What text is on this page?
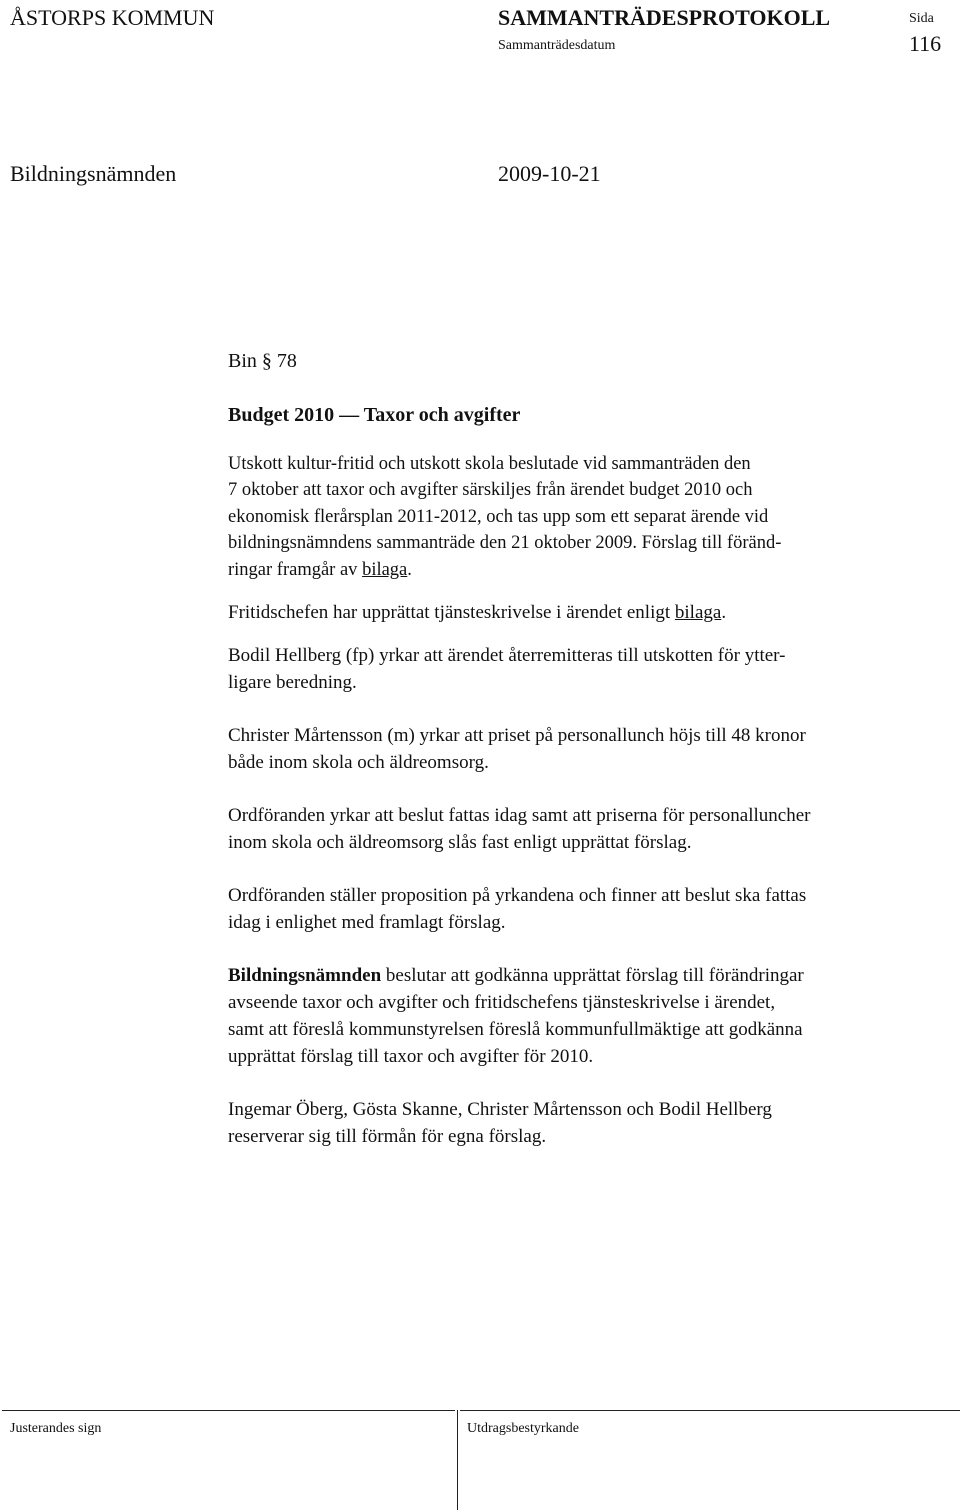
ÅSTORPS KOMMUN	SAMMANTRÄDESPROTOKOLL	Sida
Sammanträdesdatum	116
Bildningsnämnden	2009-10-21
Bin § 78
Budget 2010 — Taxor och avgifter
Utskott kultur-fritid och utskott skola beslutade vid sammanträden den
7 oktober att taxor och avgifter särskiljes från ärendet budget 2010 och
ekonomisk flerårsplan 2011-2012, och tas upp som ett separat ärende vid
bildningsnämndens sammanträde den 21 oktober 2009. Förslag till föränd-
ringar framgår av bilaga.
Fritidschefen har upprättat tjänsteskrivelse i ärendet enligt bilaga.
Bodil Hellberg (fp) yrkar att ärendet återremitteras till utskotten för ytter-
ligare beredning.
Christer Mårtensson (m) yrkar att priset på personallunch höjs till 48 kronor
både inom skola och äldreomsorg.
Ordföranden yrkar att beslut fattas idag samt att priserna för personalluncher
inom skola och äldreomsorg slås fast enligt upprättat förslag.
Ordföranden ställer proposition på yrkandena och finner att beslut ska fattas
idag i enlighet med framlagt förslag.
Bildningsnämnden beslutar att godkänna upprättat förslag till förändringar
avseende taxor och avgifter och fritidschefens tjänsteskrivelse i ärendet,
samt att föreslå kommunstyrelsen föreslå kommunfullmäktige att godkänna
upprättat förslag till taxor och avgifter för 2010.
Ingemar Öberg, Gösta Skanne, Christer Mårtensson och Bodil Hellberg
reserverar sig till förmån för egna förslag.
Justerandes sign	Utdragsbestyrkande
